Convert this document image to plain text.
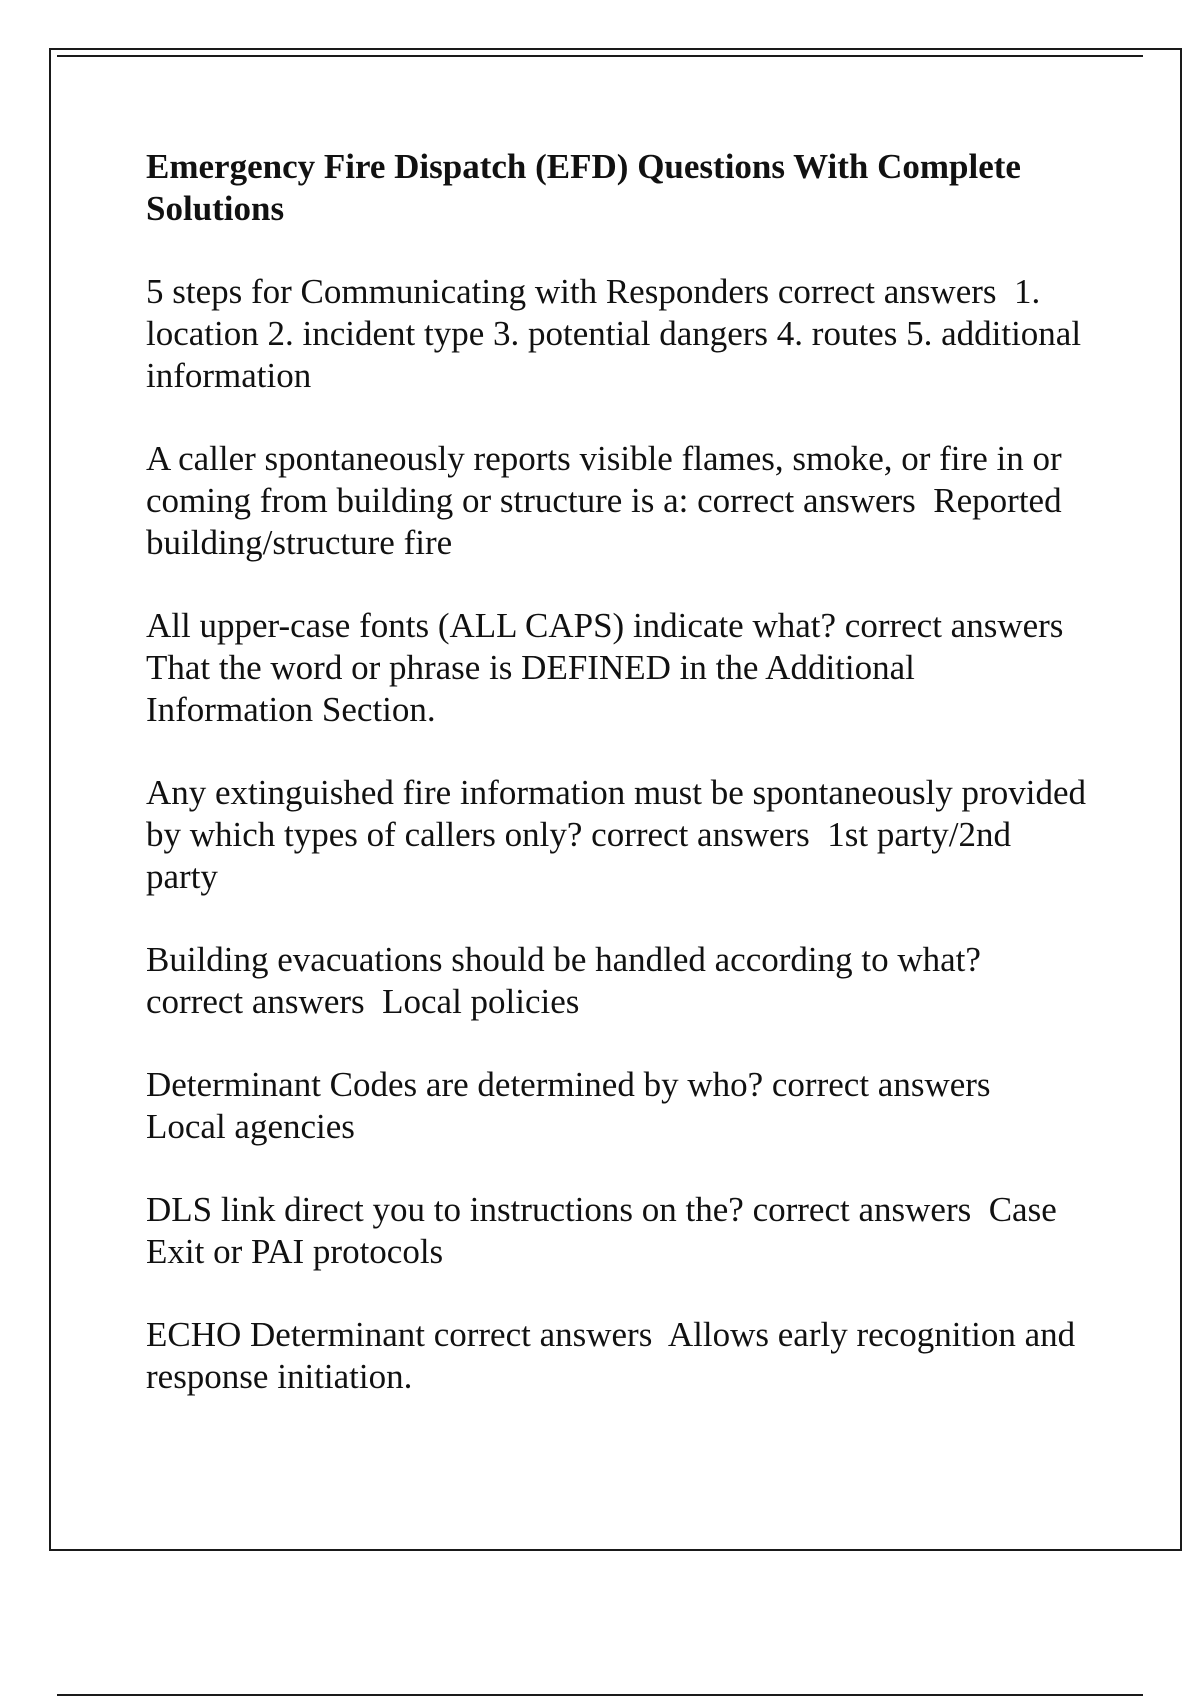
Emergency Fire Dispatch (EFD) Questions With Complete Solutions

5 steps for Communicating with Responders correct answers  1. location 2. incident type 3. potential dangers 4. routes 5. additional information

A caller spontaneously reports visible flames, smoke, or fire in or coming from building or structure is a: correct answers  Reported building/structure fire

All upper-case fonts (ALL CAPS) indicate what? correct answers  That the word or phrase is DEFINED in the Additional Information Section.

Any extinguished fire information must be spontaneously provided by which types of callers only? correct answers  1st party/2nd party

Building evacuations should be handled according to what? correct answers  Local policies

Determinant Codes are determined by who? correct answers  Local agencies

DLS link direct you to instructions on the? correct answers  Case Exit or PAI protocols

ECHO Determinant correct answers  Allows early recognition and response initiation.
